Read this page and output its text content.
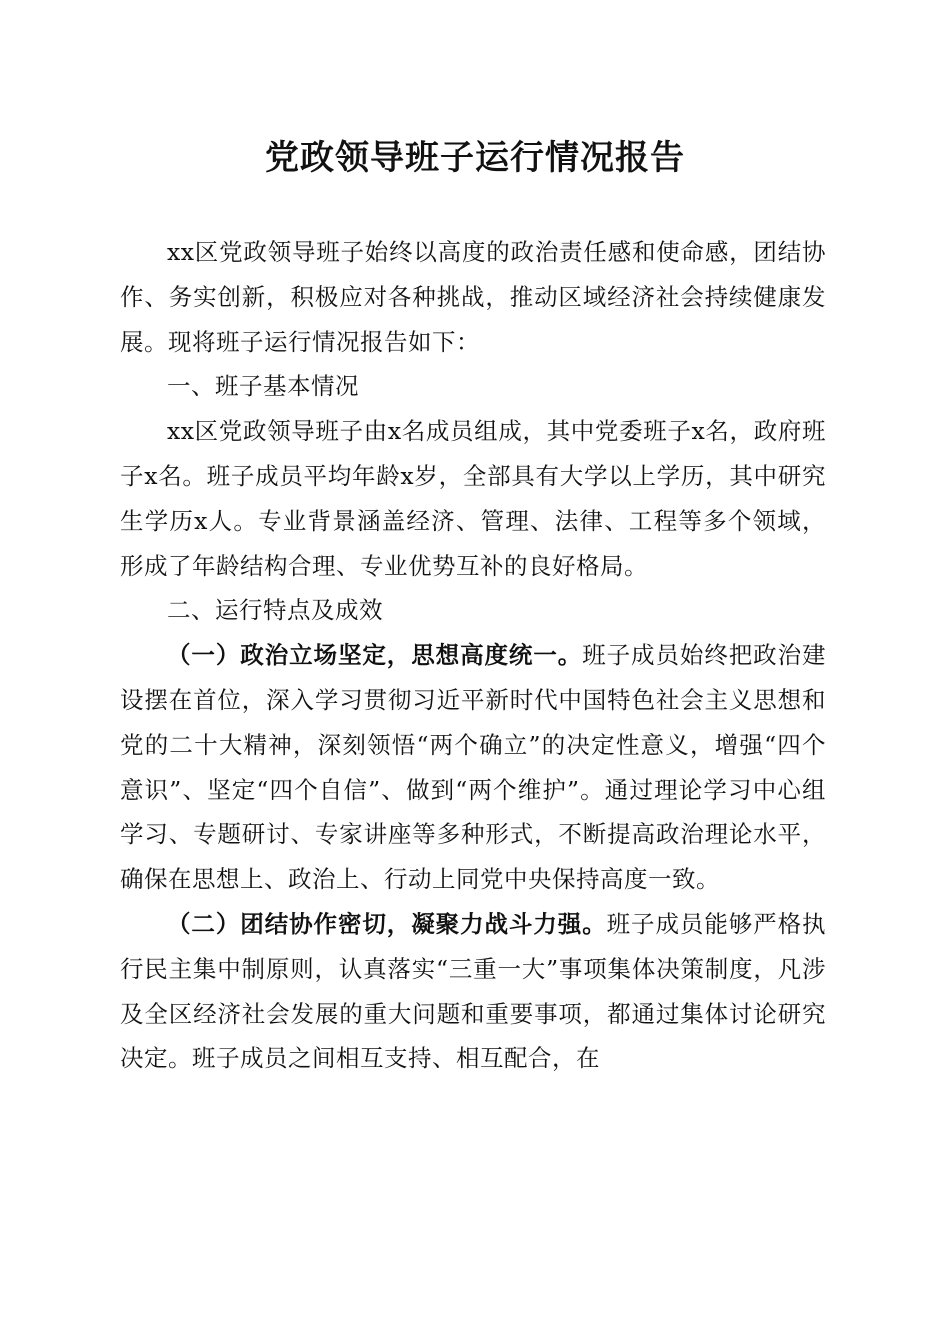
党政领导班子运行情况报告

xx区党政领导班子始终以高度的政治责任感和使命感，团结协作、务实创新，积极应对各种挑战，推动区域经济社会持续健康发展。现将班子运行情况报告如下：

一、班子基本情况

xx区党政领导班子由x名成员组成，其中党委班子x名，政府班子x名。班子成员平均年龄x岁，全部具有大学以上学历，其中研究生学历x人。专业背景涵盖经济、管理、法律、工程等多个领域，形成了年龄结构合理、专业优势互补的良好格局。

二、运行特点及成效

（一）政治立场坚定，思想高度统一。班子成员始终把政治建设摆在首位，深入学习贯彻习近平新时代中国特色社会主义思想和党的二十大精神，深刻领悟“两个确立”的决定性意义，增强“四个意识”、坚定“四个自信”、做到“两个维护”。通过理论学习中心组学习、专题研讨、专家讲座等多种形式，不断提高政治理论水平，确保在思想上、政治上、行动上同党中央保持高度一致。

（二）团结协作密切，凝聚力战斗力强。班子成员能够严格执行民主集中制原则，认真落实“三重一大”事项集体决策制度，凡涉及全区经济社会发展的重大问题和重要事项，都通过集体讨论研究决定。班子成员之间相互支持、相互配合，在
